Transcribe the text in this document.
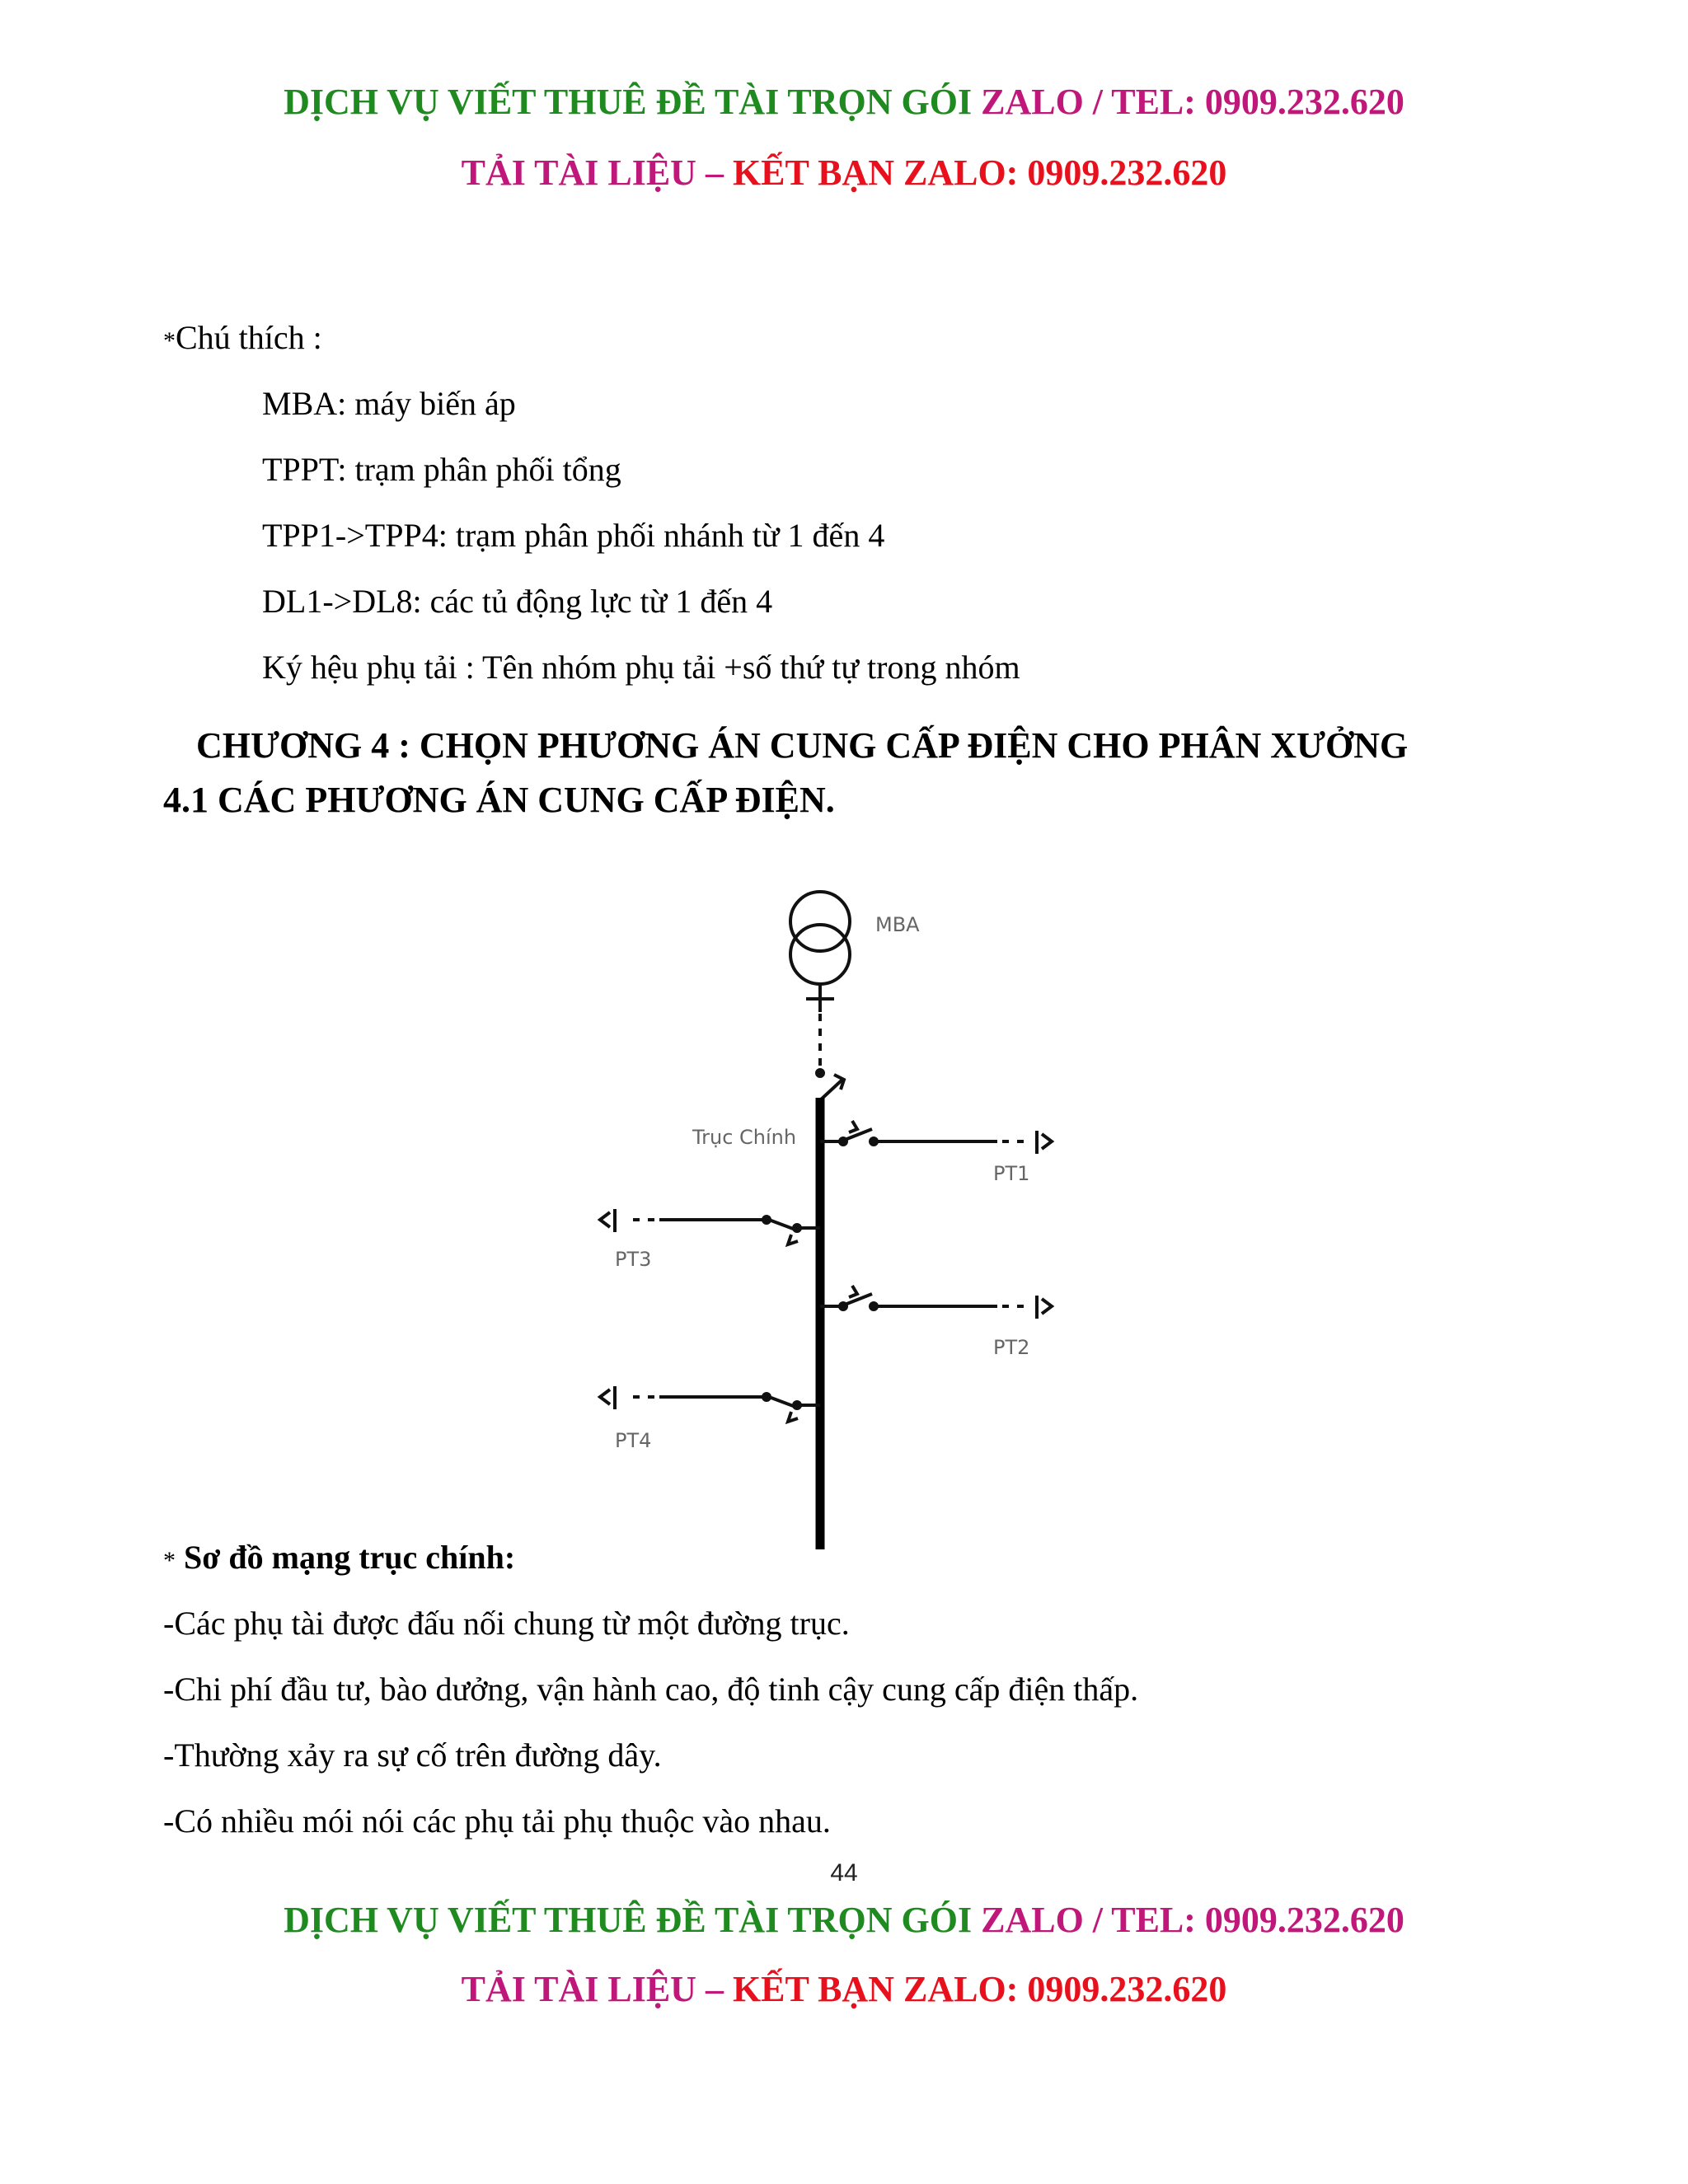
DỊCH VỤ VIẾT THUÊ ĐỀ TÀI TRỌN GÓI ZALO / TEL: 0909.232.620
TẢI TÀI LIỆU – KẾT BẠN ZALO: 0909.232.620
*Chú thích :
MBA: máy biến áp
TPPT: trạm phân phối tổng
TPP1->TPP4: trạm phân phối nhánh từ 1 đến 4
DL1->DL8: các tủ động lực từ 1 đến 4
Ký hệu phụ tải : Tên nhóm phụ tải +số thứ tự trong nhóm
CHƯƠNG 4 : CHỌN PHƯƠNG ÁN CUNG CẤP ĐIỆN CHO PHÂN XƯỞNG
4.1 CÁC PHƯƠNG ÁN CUNG CẤP ĐIỆN.
MBA
Trục Chính
PT1
PT2
PT3
PT4
* Sơ đồ mạng trục chính:
-Các phụ tài được đấu nối chung từ một đường trục.
-Chi phí đầu tư, bào dưởng, vận hành cao, độ tinh cậy cung cấp điện thấp.
-Thường xảy ra sự cố trên đường dây.
-Có nhiều mói nói các phụ tải phụ thuộc vào nhau.
44
DỊCH VỤ VIẾT THUÊ ĐỀ TÀI TRỌN GÓI ZALO / TEL: 0909.232.620
TẢI TÀI LIỆU – KẾT BẠN ZALO: 0909.232.620
